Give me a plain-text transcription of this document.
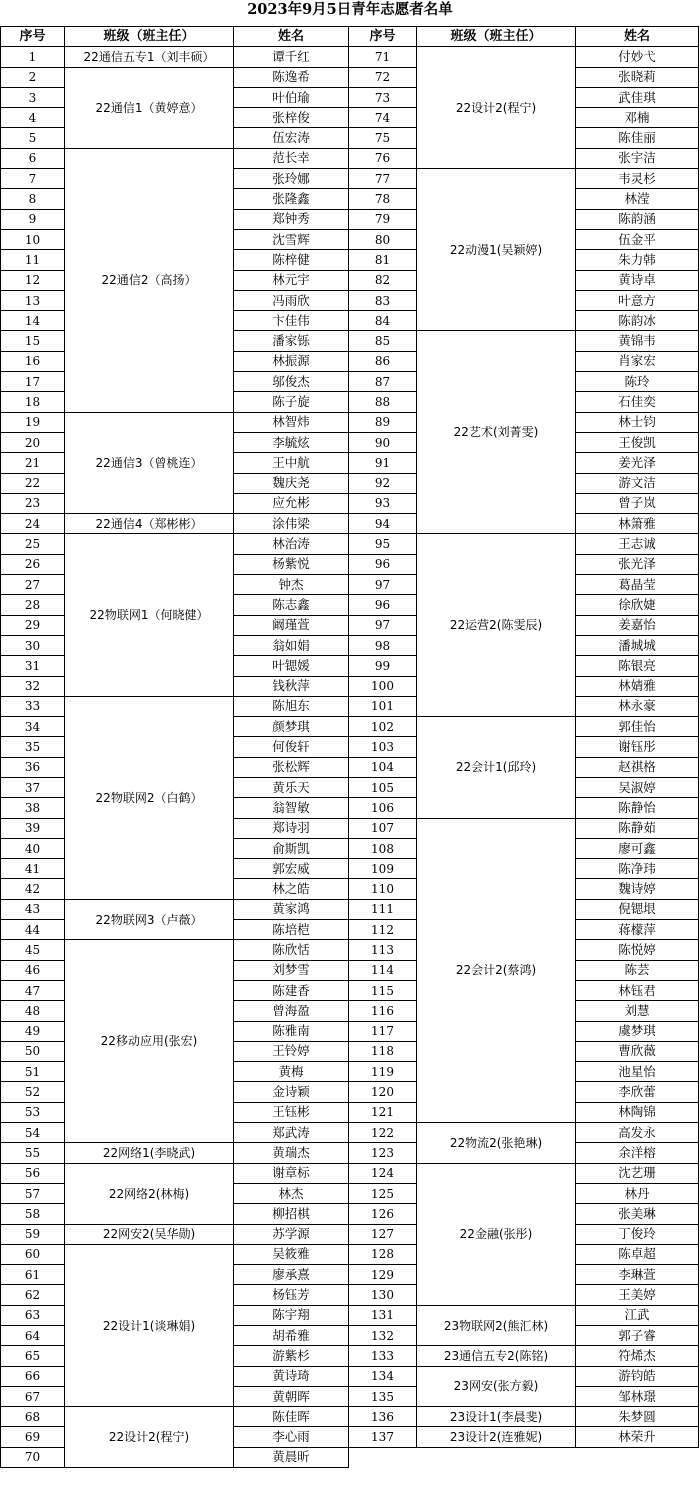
2023年9月5日青年志愿者名单
序号	班级（班主任）	姓名	序号	班级（班主任）	姓名
1	22通信五专1（刘丰硕）	谭千红	71	22设计2(程宁)	付妙弋
2	22通信1（黄婷意）	陈逸希	72		张晓莉
3		叶伯瑜	73		武佳琪
4		张梓俊	74		邓楠
5		伍宏涛	75		陈佳丽
6	22通信2（高扬）	范长幸	76		张宇洁
7		张玲娜	77	22动漫1(吴颖婷)	韦灵杉
8		张隆鑫	78		林滢
9		郑钟秀	79		陈韵涵
10		沈雪辉	80		伍金平
11		陈梓健	81		朱力韩
12		林元宇	82		黄诗卓
13		冯雨欣	83		叶意方
14		卞佳伟	84		陈韵冰
15		潘家铄	85	22艺术(刘菁雯)	黄锦韦
16		林振源	86		肖家宏
17		邬俊杰	87		陈玲
18		陈子旋	88		石佳奕
19	22通信3（曾桃连）	林智炜	89		林士钧
20		李毓炫	90		王俊凯
21		王中航	91		姜光泽
22		魏庆尧	92		游文洁
23		应允彬	93		曾子岚
24	22通信4（郑彬彬）	涂伟梁	94		林箫雅
25	22物联网1（何晓健）	林治涛	95	22运营2(陈雯辰)	王志诚
26		杨紫悦	96		张光泽
27		钟杰	97		葛晶莹
28		陈志鑫	96		徐欣婕
29		阚瑾萱	97		姜嘉怡
30		翁如娟	98		潘城城
31		叶锶媛	99		陈银亮
32		钱秋萍	100		林婧雅
33	22物联网2（白鹤）	陈旭东	101		林永豪
34		颜梦琪	102	22会计1(邱玲)	郭佳怡
35		何俊轩	103		谢钰彤
36		张松辉	104		赵祺格
37		黄乐天	105		吴淑婷
38		翁智敏	106		陈静怡
39		郑诗羽	107	22会计2(蔡鸿)	陈静茹
40		俞斯凯	108		廖可鑫
41		郭宏威	109		陈净玮
42		林之皓	110		魏诗婷
43	22物联网3（卢薇）	黄家鸿	111		倪锶垠
44		陈培桤	112		蒋檬萍
45	22移动应用(张宏)	陈欣恬	113		陈悦婷
46		刘梦雪	114		陈芸
47		陈建香	115		林钰君
48		曾海盈	116		刘慧
49		陈雅南	117		虞梦琪
50		王铃婷	118		曹欣薇
51		黄梅	119		池星怡
52		金诗颖	120		李欣蕾
53		王钰彬	121		林陶锦
54		郑武涛	122	22物流2(张艳琳)	高发永
55	22网络1(李晓武)	黄瑞杰	123		余洋榕
56	22网络2(林梅)	谢章标	124	22金融(张彤)	沈艺珊
57		林杰	125		林丹
58		柳招棋	126		张美琳
59	22网安2(吴华勋)	苏学源	127		丁俊玲
60	22设计1(谈琳娟)	吴筱雅	128		陈卓超
61		廖承熹	129		李琳萱
62		杨钰芳	130		王美婷
63		陈宇翔	131	23物联网2(熊汇林)	江武
64		胡希雅	132		郭子睿
65		游紫杉	133	23通信五专2(陈铭)	符烯杰
66		黄诗琦	134	23网安(张方毅)	游钧皓
67		黄朝晖	135		邹林璟
68	22设计2(程宁)	陈佳晖	136	23设计1(李晨斐)	朱梦圆
69		李心雨	137	23设计2(连雅妮)	林荣升
70		黄晨昕			
